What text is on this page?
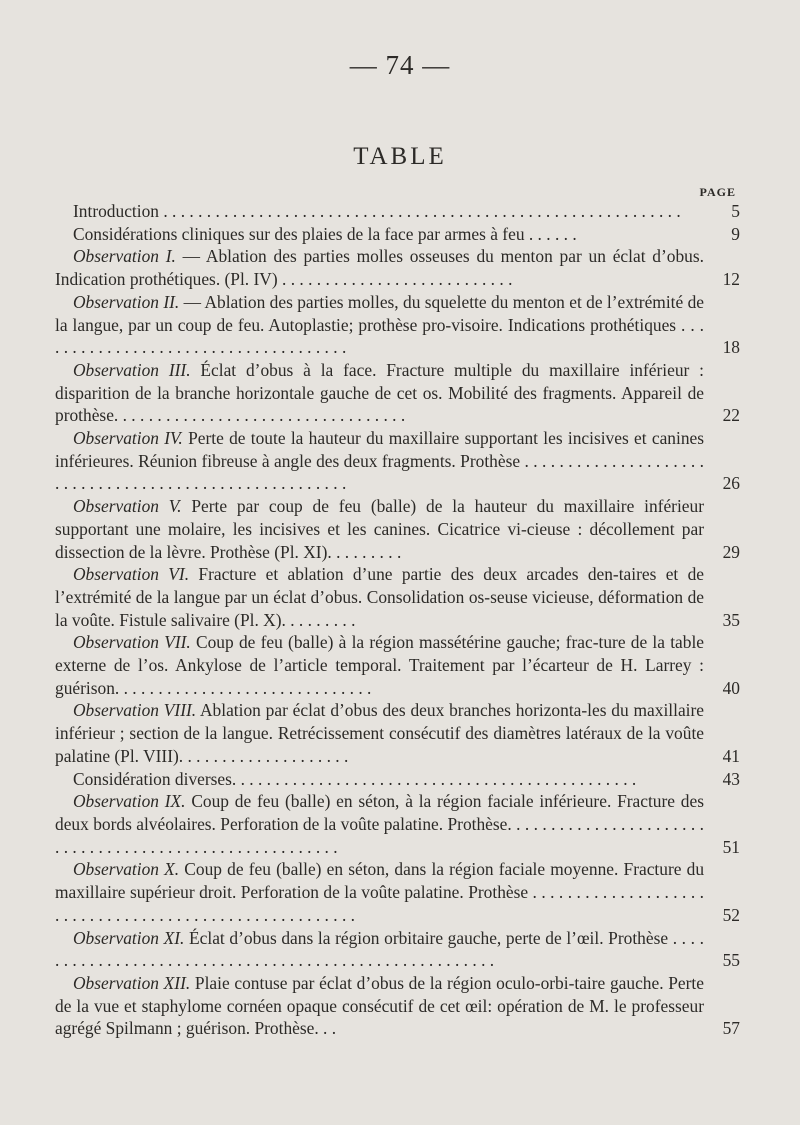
— 74 —
TABLE
PAGE
Introduction . . . . . . . . . . . . . . . . . . . . . . . . . . . . . . . . . . . . . . . . . . . . . . . . . . . . . . . . . . . .	5
Considérations cliniques sur des plaies de la face par armes à feu . . . . . .	9
Observation I. — Ablation des parties molles osseuses du menton par un éclat d’obus. Indication prothétiques. (Pl. IV) . . . . . . . . . . . . . . . . . . . . . . . . . . .	12
Observation II. — Ablation des parties molles, du squelette du menton et de l’extrémité de la langue, par un coup de feu. Autoplastie; prothèse pro-visoire. Indications prothétiques . . . . . . . . . . . . . . . . . . . . . . . . . . . . . . . . . . . . .	18
Observation III. Éclat d’obus à la face. Fracture multiple du maxillaire inférieur : disparition de la branche horizontale gauche de cet os. Mobilité des fragments. Appareil de prothèse. . . . . . . . . . . . . . . . . . . . . . . . . . . . . . . . . .	22
Observation IV. Perte de toute la hauteur du maxillaire supportant les incisives et canines inférieures. Réunion fibreuse à angle des deux fragments. Prothèse . . . . . . . . . . . . . . . . . . . . . . . . . . . . . . . . . . . . . . . . . . . . . . . . . . . . . . .	26
Observation V. Perte par coup de feu (balle) de la hauteur du maxillaire inférieur supportant une molaire, les incisives et les canines. Cicatrice vi-cieuse : décollement par dissection de la lèvre. Prothèse (Pl. XI). . . . . . . . .	29
Observation VI. Fracture et ablation d’une partie des deux arcades den-taires et de l’extrémité de la langue par un éclat d’obus. Consolidation os-seuse vicieuse, déformation de la voûte. Fistule salivaire (Pl. X). . . . . . . . .	35
Observation VII. Coup de feu (balle) à la région massétérine gauche; frac-ture de la table externe de l’os. Ankylose de l’article temporal. Traitement par l’écarteur de H. Larrey : guérison. . . . . . . . . . . . . . . . . . . . . . . . . . . . . .	40
Observation VIII. Ablation par éclat d’obus des deux branches horizonta-les du maxillaire inférieur ; section de la langue. Retrécissement consécutif des diamètres latéraux de la voûte palatine (Pl. VIII). . . . . . . . . . . . . . . . . . . .	41
Considération diverses. . . . . . . . . . . . . . . . . . . . . . . . . . . . . . . . . . . . . . . . . . . . . . .	43
Observation IX. Coup de feu (balle) en séton, à la région faciale inférieure. Fracture des deux bords alvéolaires. Perforation de la voûte palatine. Prothèse. . . . . . . . . . . . . . . . . . . . . . . . . . . . . . . . . . . . . . . . . . . . . . . . . . . . . . . .	51
Observation X. Coup de feu (balle) en séton, dans la région faciale moyenne. Fracture du maxillaire supérieur droit. Perforation de la voûte palatine. Prothèse . . . . . . . . . . . . . . . . . . . . . . . . . . . . . . . . . . . . . . . . . . . . . . . . . . . . . . .	52
Observation XI. Éclat d’obus dans la région orbitaire gauche, perte de l’œil. Prothèse . . . . . . . . . . . . . . . . . . . . . . . . . . . . . . . . . . . . . . . . . . . . . . . . . . . . . . .	55
Observation XII. Plaie contuse par éclat d’obus de la région oculo-orbi-taire gauche. Perte de la vue et staphylome cornéen opaque consécutif de cet œil: opération de M. le professeur agrégé Spilmann ; guérison. Prothèse. . .	57
